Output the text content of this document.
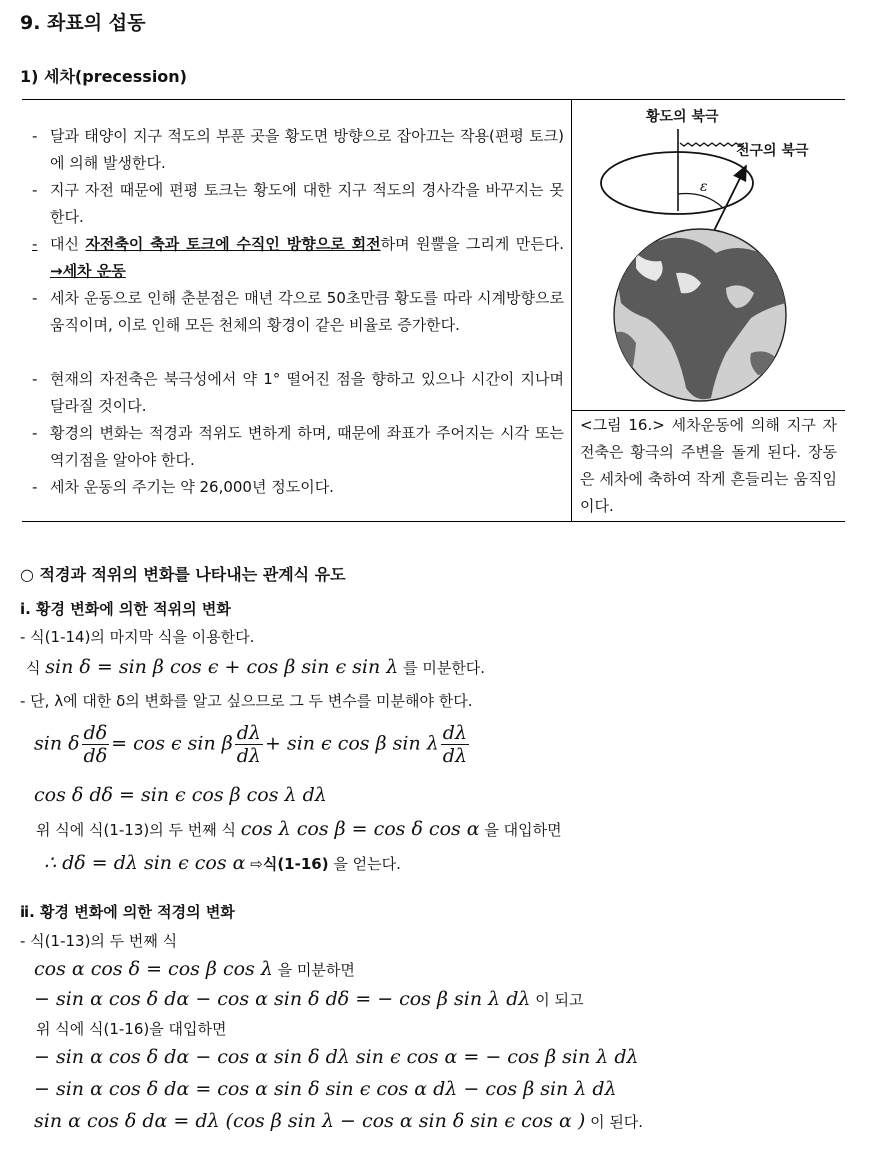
9. 좌표의 섭동
1) 세차(precession)
- 달과 태양이 지구 적도의 부푼 곳을 황도면 방향으로 잡아끄는 작용(편평 토크)에 의해 발생한다.
- 지구 자전 때문에 편평 토크는 황도에 대한 지구 적도의 경사각을 바꾸지는 못한다.
- 대신 자전축이 축과 토크에 수직인 방향으로 회전하며 원뿔을 그리게 만든다. →세차 운동
- 세차 운동으로 인해 춘분점은 매년 각으로 50초만큼 황도를 따라 시계방향으로 움직이며, 이로 인해 모든 천체의 황경이 같은 비율로 증가한다.
- 현재의 자전축은 북극성에서 약 1° 떨어진 점을 향하고 있으나 시간이 지나며 달라질 것이다.
- 황경의 변화는 적경과 적위도 변하게 하며, 때문에 좌표가 주어지는 시각 또는 역기점을 알아야 한다.
- 세차 운동의 주기는 약 26,000년 정도이다.
황도의 북극
천구의 북극
ε
<그림 16.> 세차운동에 의해 지구 자전축은 황극의 주변을 돌게 된다. 장동은 세차에 축하여 작게 흔들리는 움직임이다.
○ 적경과 적위의 변화를 나타내는 관계식 유도
ⅰ. 황경 변화에 의한 적위의 변화
- 식(1-14)의 마지막 식을 이용한다.
식 sin δ = sin β cos ϵ + cos β sin ϵ sin λ 를 미분한다.
- 단, λ에 대한 δ의 변화를 알고 싶으므로 그 두 변수를 미분해야 한다.
sin δ $\frac{d\delta}{d\delta} = \cos \epsilon$ sin β $\frac{d\lambda}{d\lambda} + \sin \epsilon$ cos β sin λ $\frac{d\lambda}{d\lambda}$
cos δ dδ = sin ϵ cos β cos λ dλ
위 식에 식(1-13)의 두 번째 식 cos λ cos β = cos δ cos α 을 대입하면
∴ dδ = dλ sin ϵ cos α ⇨식(1-16) 을 얻는다.
ⅱ. 황경 변화에 의한 적경의 변화
- 식(1-13)의 두 번째 식
cos α cos δ = cos β cos λ 을 미분하면
− sin α cos δ dα − cos α sin δ dδ = − cos β sin λ dλ 이 되고
위 식에 식(1-16)을 대입하면
− sin α cos δ dα − cos α sin δ dλ sin ϵ cos α = − cos β sin λ dλ
− sin α cos δ dα = cos α sin δ sin ϵ cos α dλ − cos β sin λ dλ
sin α cos δ dα = dλ (cos β sin λ − cos α sin δ sin ϵ cos α ) 이 된다.
